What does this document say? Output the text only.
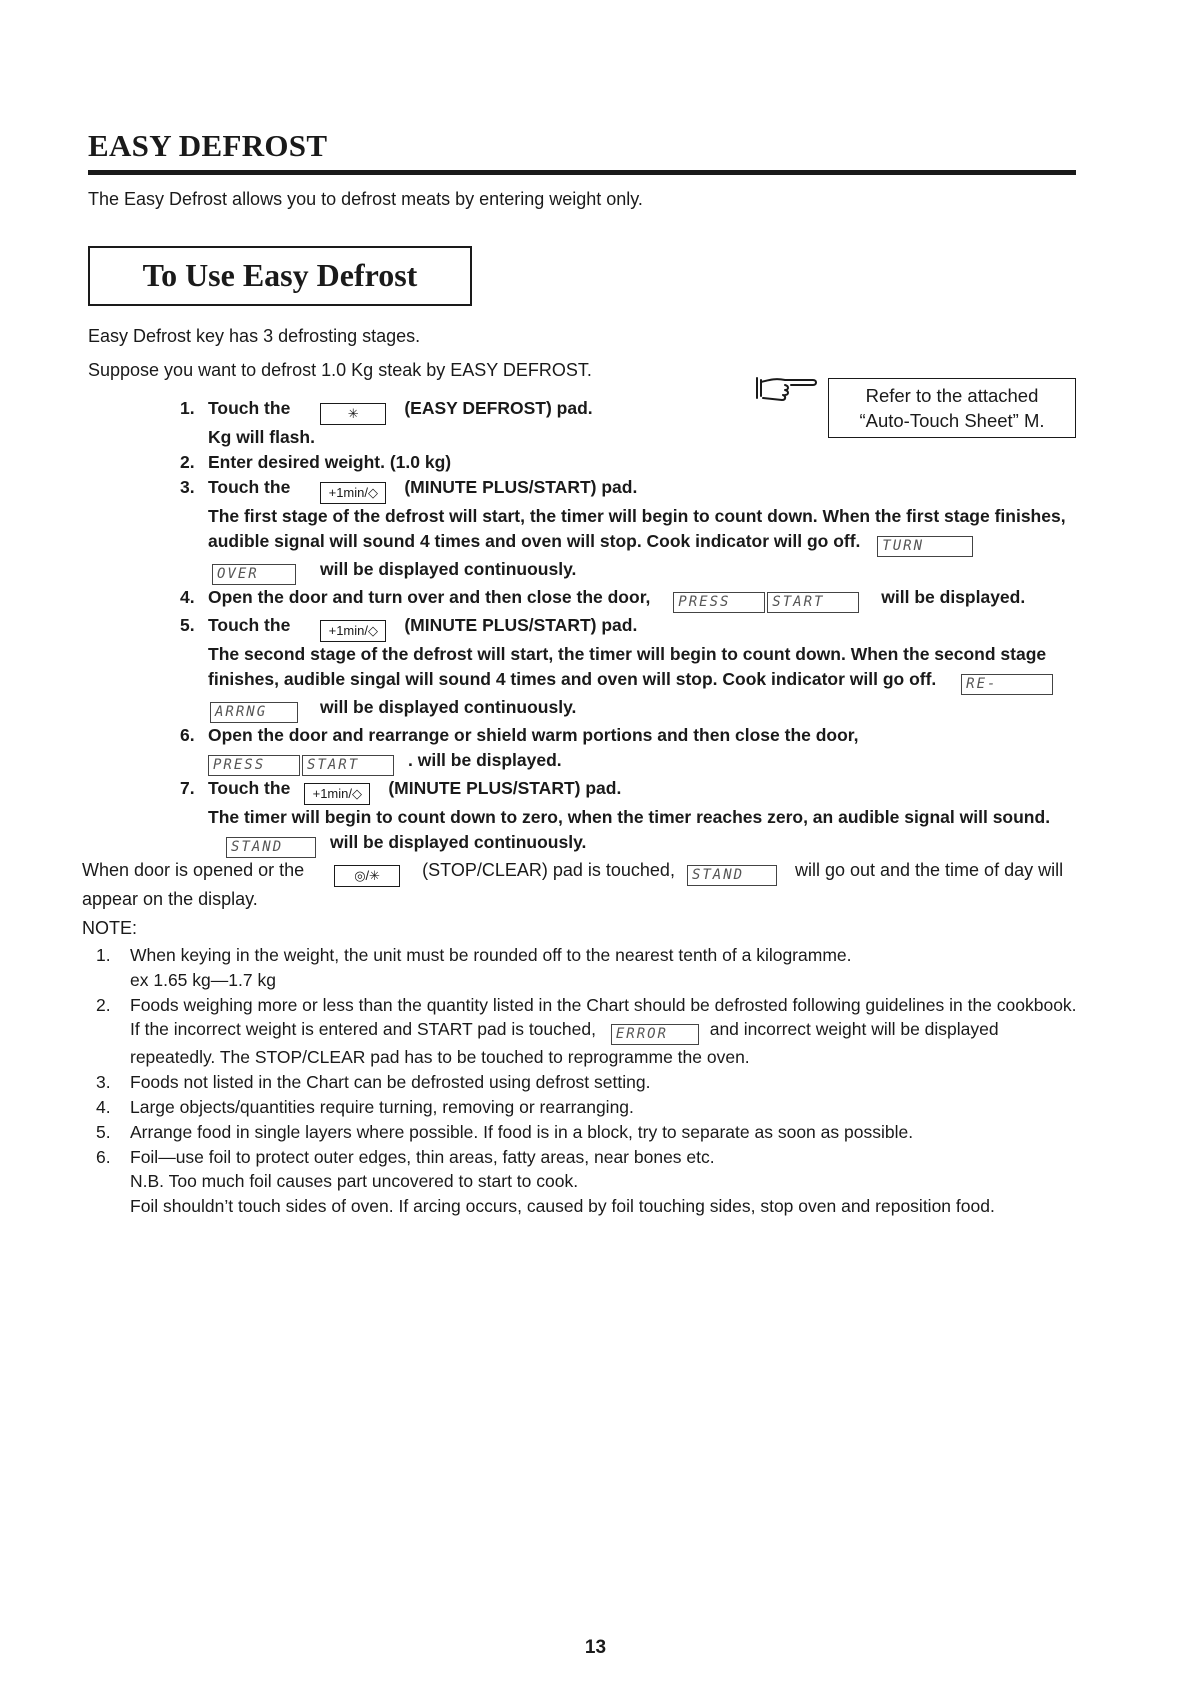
EASY DEFROST
The Easy Defrost allows you to defrost meats by entering weight only.
To Use Easy Defrost
Easy Defrost key has 3 defrosting stages.
Suppose you want to defrost 1.0 Kg steak by EASY DEFROST.
Refer to the attached
“Auto-Touch Sheet” M.
1. Touch the	✳	(EASY DEFROST) pad.
Kg will flash.
2. Enter desired weight. (1.0 kg)
3. Touch the	+1min/◇ (MINUTE PLUS/START) pad.
The first stage of the defrost will start, the timer will begin to count down. When the first stage finishes, audible signal will sound 4 times and oven will stop. Cook indicator will go off. TURNOVER	will be displayed continuously.
4. Open the door and turn over and then close the door, PRESS	START	will be displayed.
5. Touch the	+1min/◇ (MINUTE PLUS/START) pad.
The second stage of the defrost will start, the timer will begin to count down. When the second stage finishes, audible singal will sound 4 times and oven will stop. Cook indicator will go off. RE-ARRNG	will be displayed continuously.
6. Open the door and rearrange or shield warm portions and then close the door,
PRESS	START	. will be displayed.
7. Touch the +1min/◇ (MINUTE PLUS/START) pad.
The timer will begin to count down to zero, when the timer reaches zero, an audible signal will sound. STAND	will be displayed continuously.
When door is opened or the	◎/✳ (STOP/CLEAR) pad is touched, STAND	will go out and the time of day will appear on the display.
NOTE:
1. When keying in the weight, the unit must be rounded off to the nearest tenth of a kilogramme.
ex 1.65 kg—1.7 kg
2. Foods weighing more or less than the quantity listed in the Chart should be defrosted following guidelines in the cookbook. If the incorrect weight is entered and START pad is touched, ERROR and incorrect weight will be displayed repeatedly. The STOP/CLEAR pad has to be touched to reprogramme the oven.
3. Foods not listed in the Chart can be defrosted using defrost setting.
4. Large objects/quantities require turning, removing or rearranging.
5. Arrange food in single layers where possible. If food is in a block, try to separate as soon as possible.
6. Foil—use foil to protect outer edges, thin areas, fatty areas, near bones etc.
N.B. Too much foil causes part uncovered to start to cook.
Foil shouldn’t touch sides of oven. If arcing occurs, caused by foil touching sides, stop oven and reposition food.
13
